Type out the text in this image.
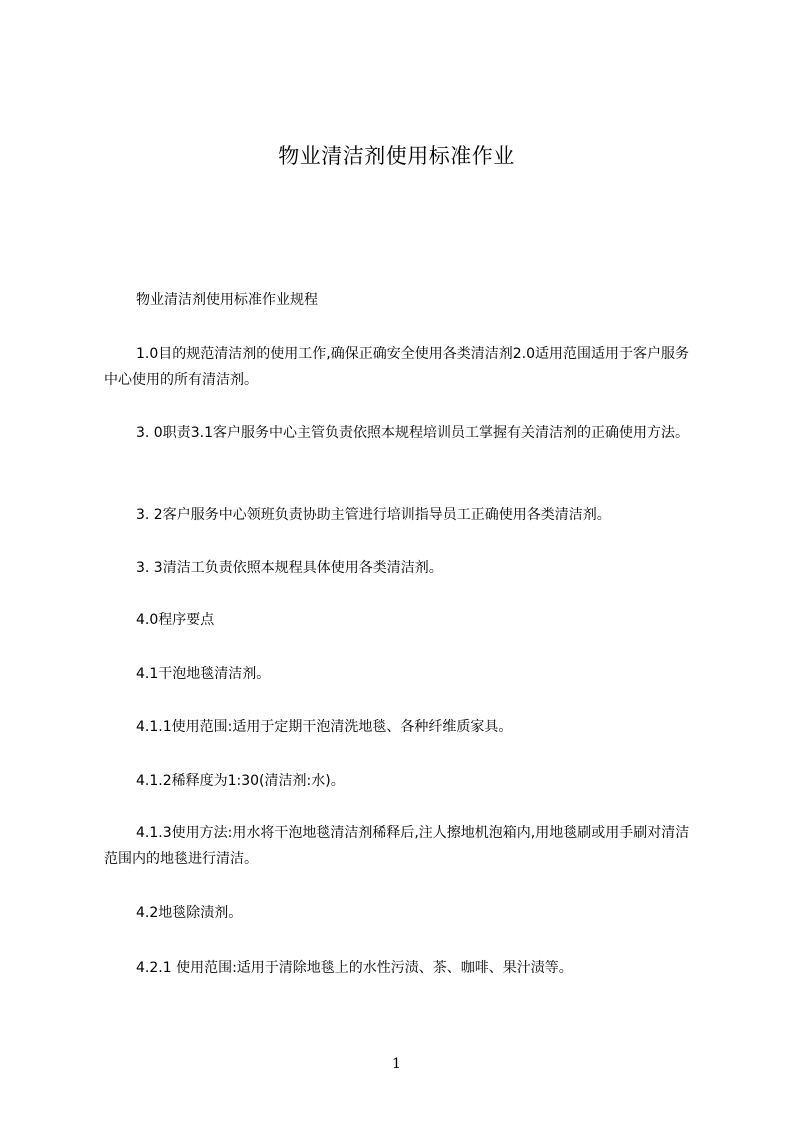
物业清洁剂使用标准作业

物业清洁剂使用标准作业规程

1.0目的规范清洁剂的使用工作,确保正确安全使用各类清洁剂2.0适用范围适用于客户服务中心使用的所有清洁剂。

3. 0职责3.1客户服务中心主管负责依照本规程培训员工掌握有关清洁剂的正确使用方法。

3. 2客户服务中心领班负责协助主管进行培训指导员工正确使用各类清洁剂。

3. 3清洁工负责依照本规程具体使用各类清洁剂。

4.0程序要点

4.1干泡地毯清洁剂。

4.1.1使用范围:适用于定期干泡清洗地毯、各种纤维质家具。

4.1.2稀释度为1:30(清洁剂:水)。

4.1.3使用方法:用水将干泡地毯清洁剂稀释后,注人擦地机泡箱内,用地毯刷或用手刷对清洁范围内的地毯进行清洁。

4.2地毯除渍剂。

4.2.1 使用范围:适用于清除地毯上的水性污渍、茶、咖啡、果汁渍等。

1
